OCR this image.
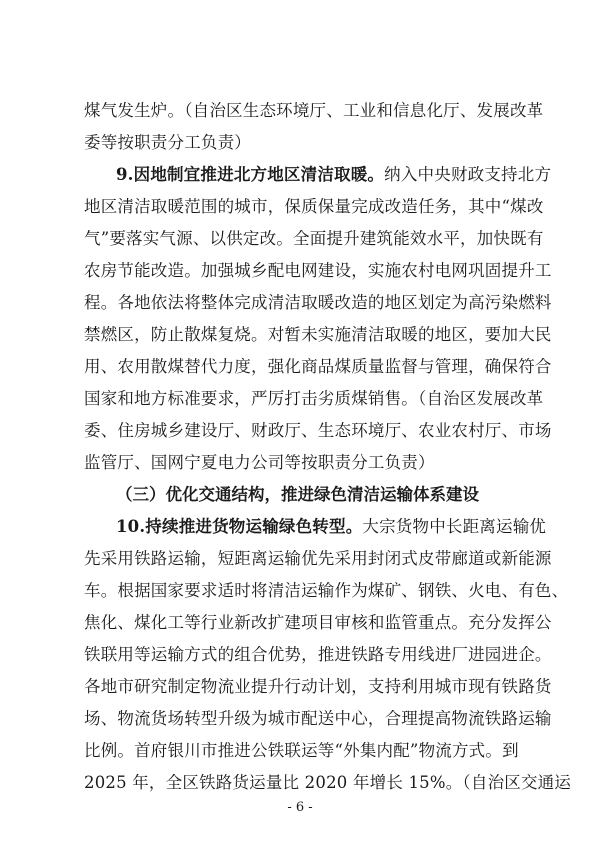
煤气发生炉。（自治区生态环境厅、工业和信息化厅、发展改革
委等按职责分工负责）
9.因地制宜推进北方地区清洁取暖。纳入中央财政支持北方
地区清洁取暖范围的城市，保质保量完成改造任务，其中“煤改
气”要落实气源、以供定改。全面提升建筑能效水平，加快既有
农房节能改造。加强城乡配电网建设，实施农村电网巩固提升工
程。各地依法将整体完成清洁取暖改造的地区划定为高污染燃料
禁燃区，防止散煤复烧。对暂未实施清洁取暖的地区，要加大民
用、农用散煤替代力度，强化商品煤质量监督与管理，确保符合
国家和地方标准要求，严厉打击劣质煤销售。（自治区发展改革
委、住房城乡建设厅、财政厅、生态环境厅、农业农村厅、市场
监管厅、国网宁夏电力公司等按职责分工负责）
（三）优化交通结构，推进绿色清洁运输体系建设
10.持续推进货物运输绿色转型。大宗货物中长距离运输优
先采用铁路运输，短距离运输优先采用封闭式皮带廊道或新能源
车。根据国家要求适时将清洁运输作为煤矿、钢铁、火电、有色、
焦化、煤化工等行业新改扩建项目审核和监管重点。充分发挥公
铁联用等运输方式的组合优势，推进铁路专用线进厂进园进企。
各地市研究制定物流业提升行动计划，支持利用城市现有铁路货
场、物流货场转型升级为城市配送中心，合理提高物流铁路运输
比例。首府银川市推进公铁联运等“外集内配”物流方式。到
2025 年，全区铁路货运量比 2020 年增长 15%。（自治区交通运
- 6 -
